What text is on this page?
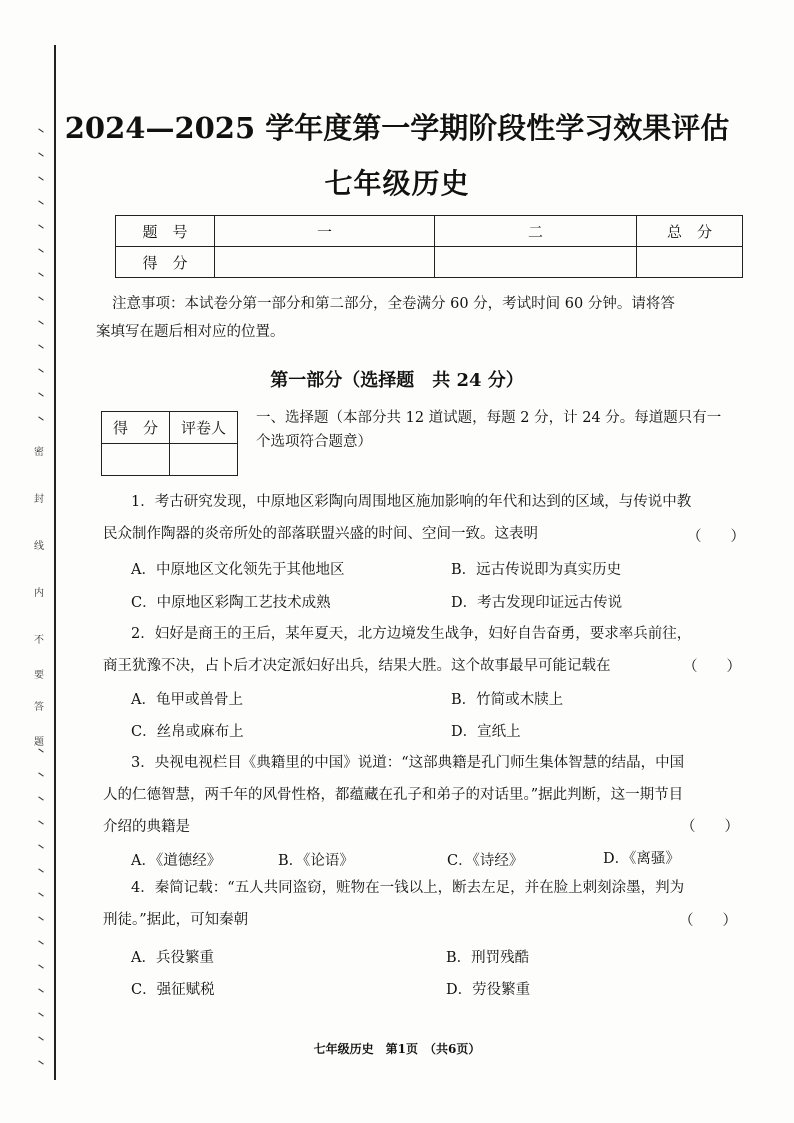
密
封
线
内
不
要
答
题
2024—2025 学年度第一学期阶段性学习效果评估
七年级历史
题　号	一	二	总　分
得　分			
注意事项：本试卷分第一部分和第二部分，全卷满分 60 分，考试时间 60 分钟。请将答
案填写在题后相对应的位置。
第一部分（选择题　共 24 分）
得　分	评卷人

一、选择题（本部分共 12 道试题，每题 2 分，计 24 分。每道题只有一
个选项符合题意）
1．考古研究发现，中原地区彩陶向周围地区施加影响的年代和达到的区域，与传说中教
民众制作陶器的炎帝所处的部落联盟兴盛的时间、空间一致。这表明	（　　）
A．中原地区文化领先于其他地区	B．远古传说即为真实历史
C．中原地区彩陶工艺技术成熟	D．考古发现印证远古传说
2．妇好是商王的王后，某年夏天，北方边境发生战争，妇好自告奋勇，要求率兵前往，
商王犹豫不决，占卜后才决定派妇好出兵，结果大胜。这个故事最早可能记载在	（　　）
A．龟甲或兽骨上	B．竹简或木牍上
C．丝帛或麻布上	D．宣纸上
3．央视电视栏目《典籍里的中国》说道：“这部典籍是孔门师生集体智慧的结晶，中国
人的仁德智慧，两千年的风骨性格，都蕴藏在孔子和弟子的对话里。”据此判断，这一期节目
介绍的典籍是	（　　）
A．《道德经》	B．《论语》	C．《诗经》	D．《离骚》
4．秦简记载：“五人共同盗窃，赃物在一钱以上，断去左足，并在脸上刺刻涂墨，判为
刑徒。”据此，可知秦朝	（　　）
A．兵役繁重	B．刑罚残酷
C．强征赋税	D．劳役繁重
七年级历史　第1页　（共6页）
